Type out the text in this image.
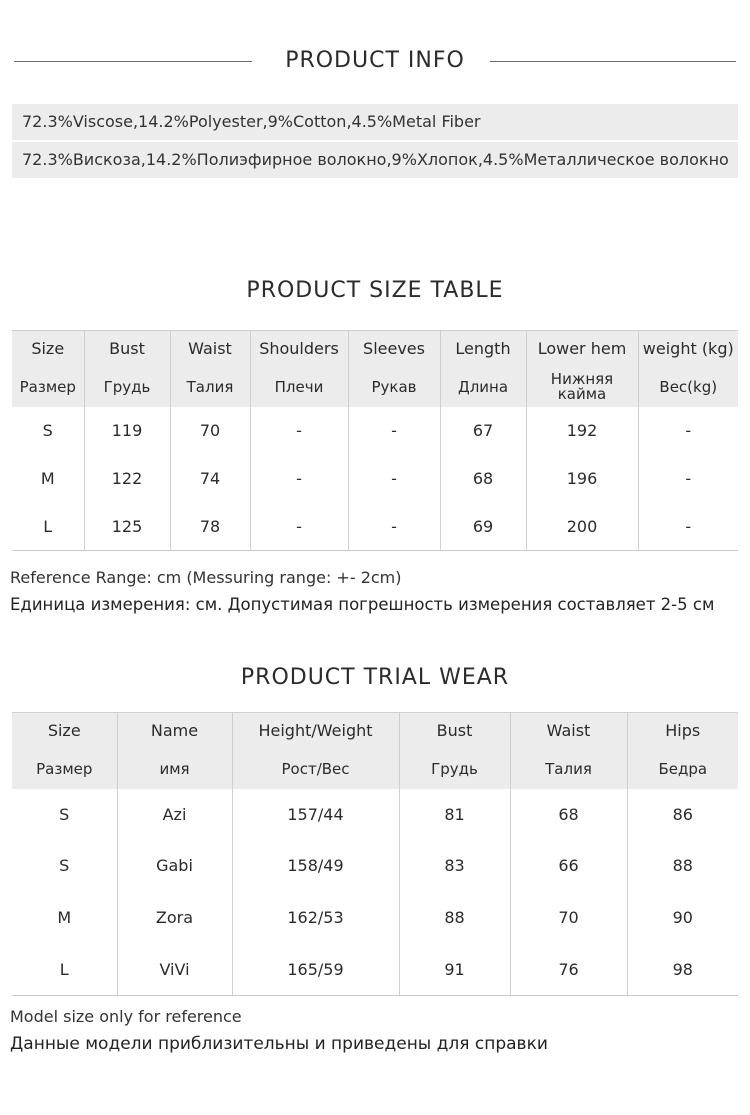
PRODUCT INFO
72.3%Viscose,14.2%Polyester,9%Cotton,4.5%Metal Fiber
72.3%Вискоза,14.2%Полиэфирное волокно,9%Хлопок,4.5%Металлическое волокно
PRODUCT SIZE TABLE
Size	Bust	Waist	Shoulders	Sleeves	Length	Lower hem	weight (kg)
Размер	Грудь	Талия	Плечи	Рукав	Длина	Нижняя кайма	Вес(kg)
S	119	70	-	-	67	192	-
M	122	74	-	-	68	196	-
L	125	78	-	-	69	200	-
Reference Range: cm (Messuring range: +- 2cm)
Единица измерения: см. Допустимая погрешность измерения составляет 2-5 см
PRODUCT TRIAL WEAR
Size	Name	Height/Weight	Bust	Waist	Hips
Размер	имя	Рост/Вес	Грудь	Талия	Бедра
S	Azi	157/44	81	68	86
S	Gabi	158/49	83	66	88
M	Zora	162/53	88	70	90
L	ViVi	165/59	91	76	98
Model size only for reference
Данные модели приблизительны и приведены для справки
